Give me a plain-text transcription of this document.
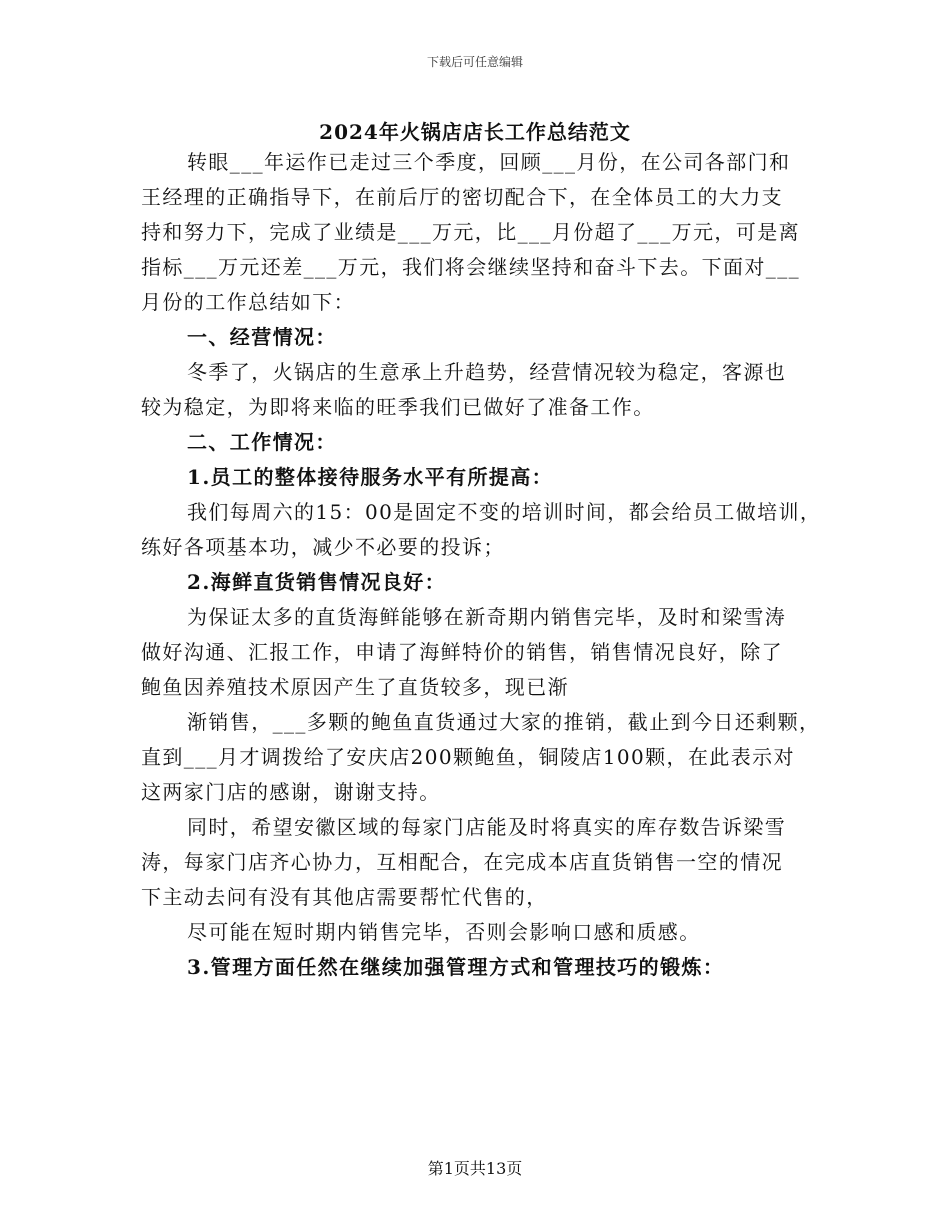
下载后可任意编辑
2024年火锅店店长工作总结范文
转眼___年运作已走过三个季度，回顾___月份，在公司各部门和
王经理的正确指导下，在前后厅的密切配合下，在全体员工的大力支
持和努力下，完成了业绩是___万元，比___月份超了___万元，可是离
指标___万元还差___万元，我们将会继续坚持和奋斗下去。下面对___
月份的工作总结如下：
一、经营情况：
冬季了，火锅店的生意承上升趋势，经营情况较为稳定，客源也
较为稳定，为即将来临的旺季我们已做好了准备工作。
二、工作情况：
1.员工的整体接待服务水平有所提高：
我们每周六的15：00是固定不变的培训时间，都会给员工做培训，
练好各项基本功，减少不必要的投诉；
2.海鲜直货销售情况良好：
为保证太多的直货海鲜能够在新奇期内销售完毕，及时和梁雪涛
做好沟通、汇报工作，申请了海鲜特价的销售，销售情况良好，除了
鲍鱼因养殖技术原因产生了直货较多，现已渐
渐销售，___多颗的鲍鱼直货通过大家的推销，截止到今日还剩颗，
直到___月才调拨给了安庆店200颗鲍鱼，铜陵店100颗，在此表示对
这两家门店的感谢，谢谢支持。
同时，希望安徽区域的每家门店能及时将真实的库存数告诉梁雪
涛，每家门店齐心协力，互相配合，在完成本店直货销售一空的情况
下主动去问有没有其他店需要帮忙代售的，
尽可能在短时期内销售完毕，否则会影响口感和质感。
3.管理方面任然在继续加强管理方式和管理技巧的锻炼：
第1页共13页
